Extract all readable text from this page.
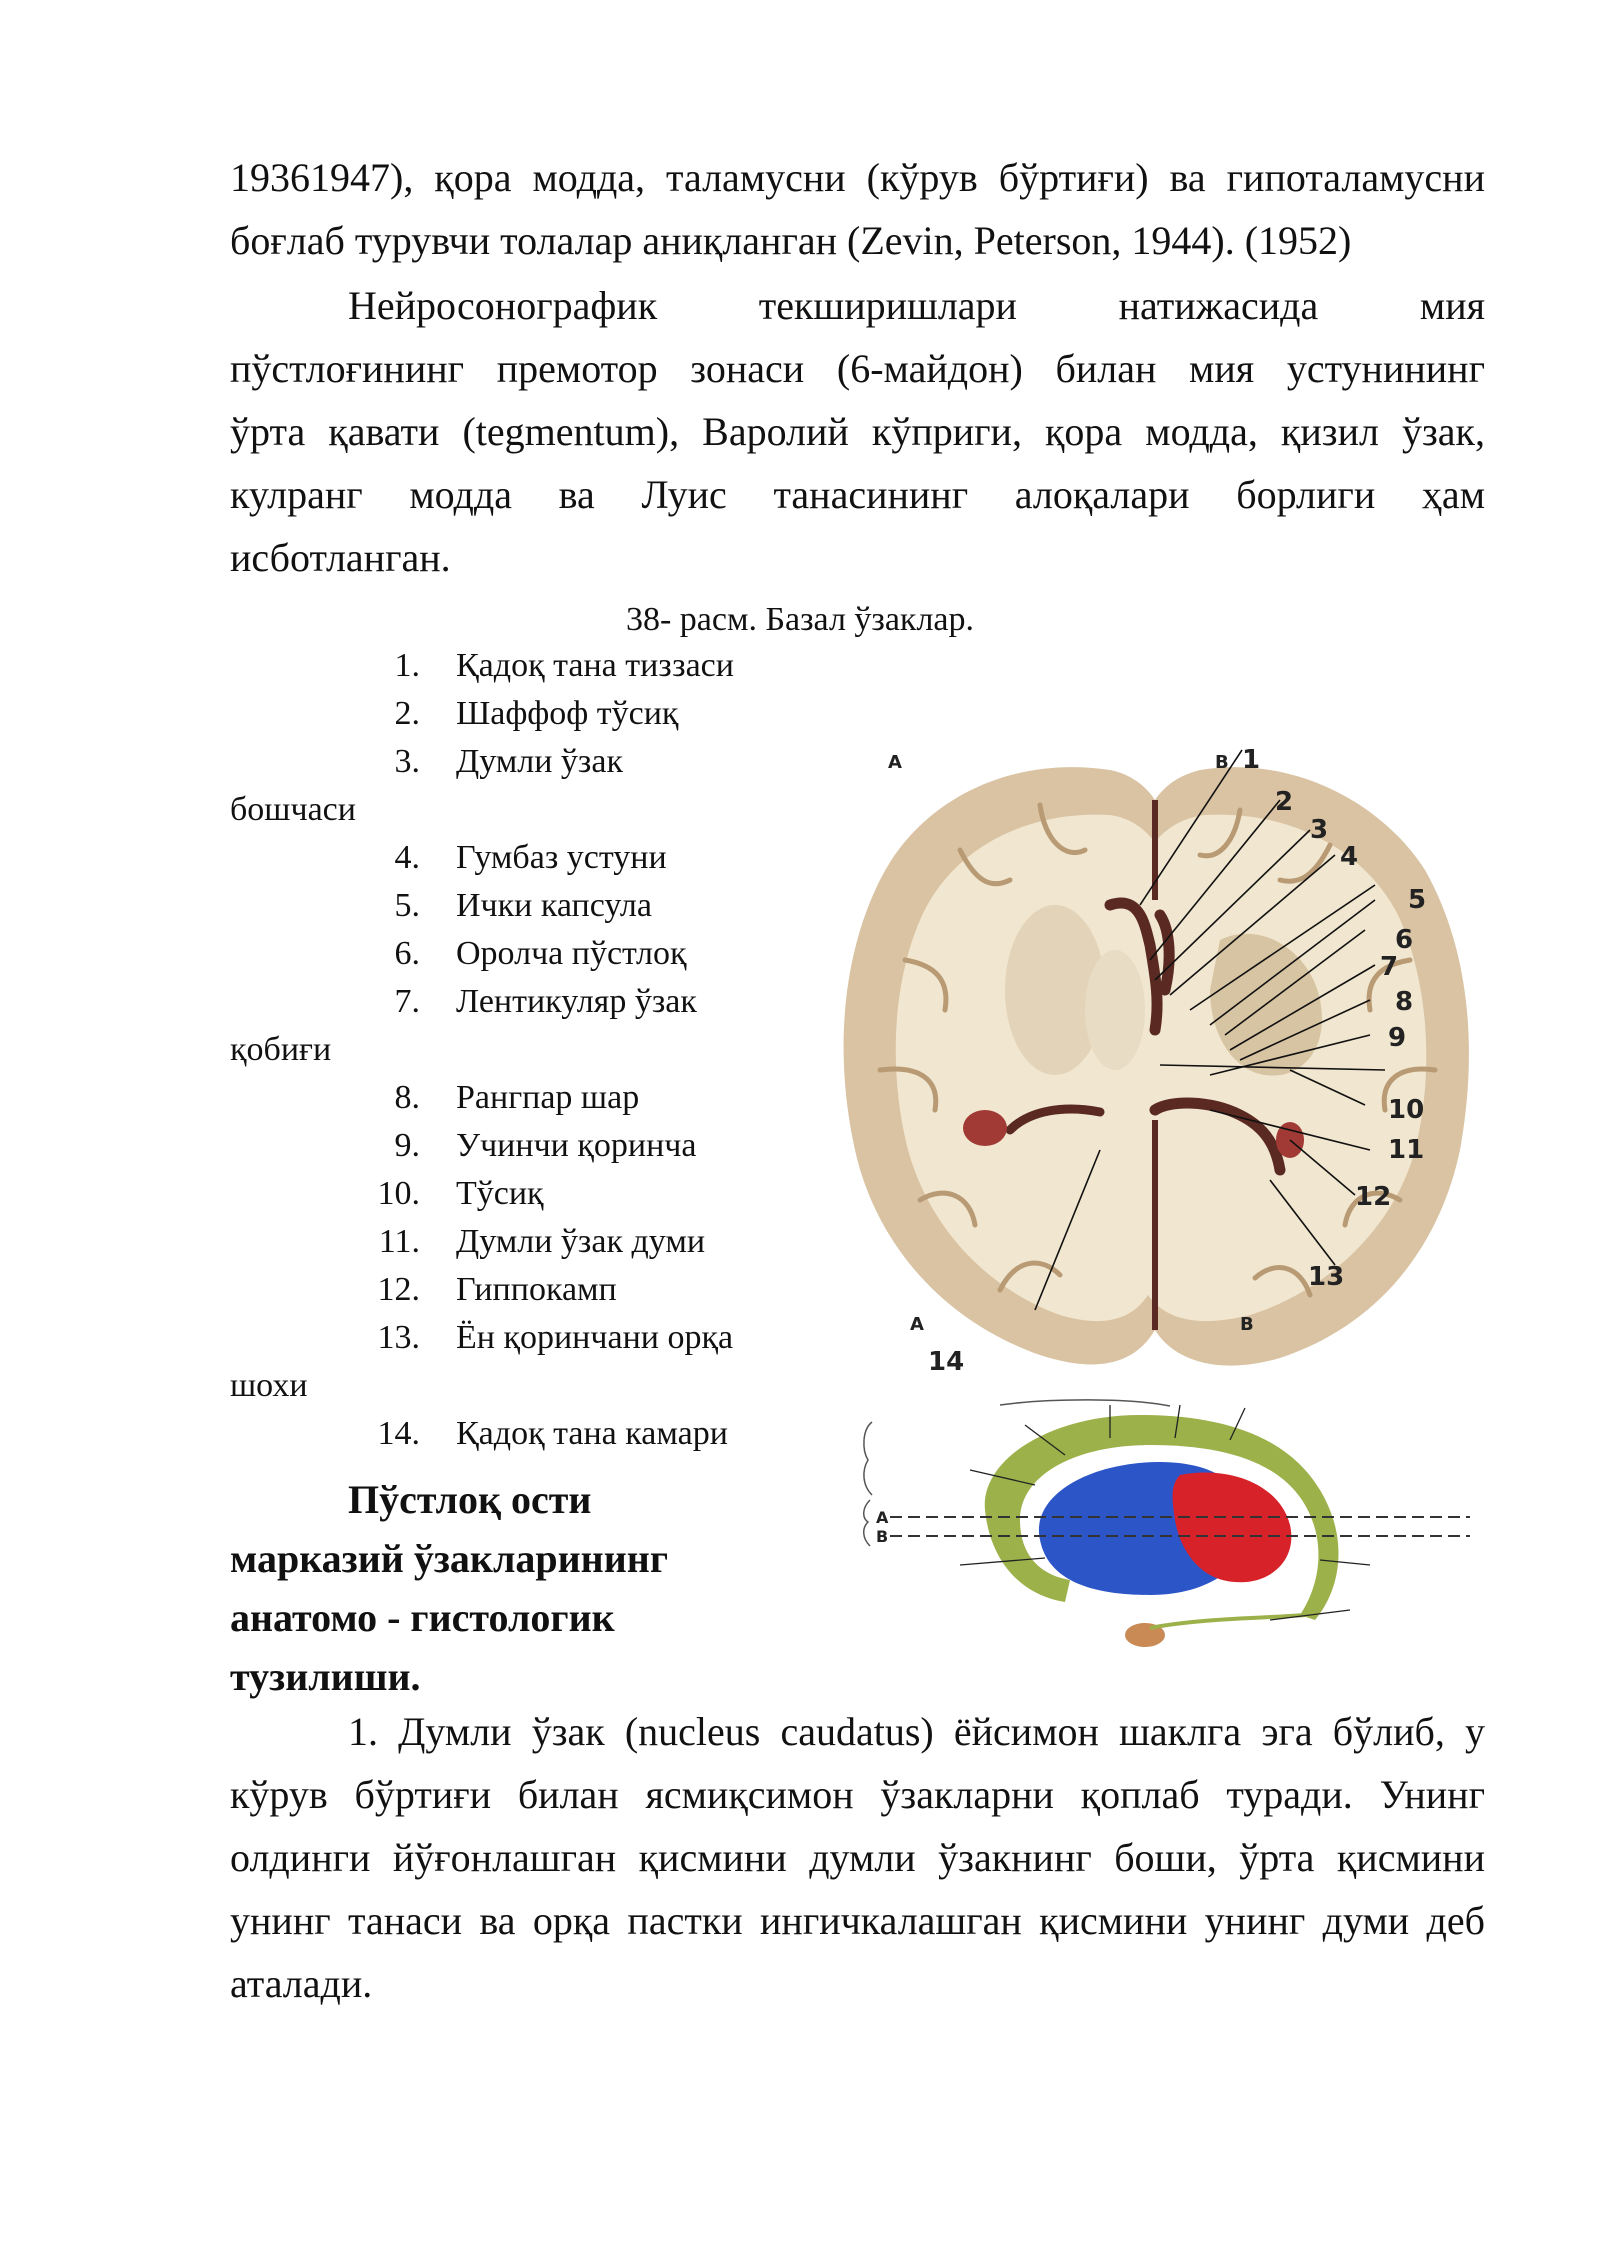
19361947), қора модда, таламусни (кўрув бўртиғи) ва гипоталамусни
боғлаб турувчи толалар аниқланган (Zevin, Peterson, 1944). (1952)
Нейросонографик текширишлари натижасида мия
пўстлоғининг премотор зонаси (6-майдон) билан мия устунининг
ўрта қавати (tegmentum), Варолий кўприги, қора модда, қизил ўзак,
кулранг модда ва Луис танасининг алоқалари борлиги ҳам
исботланган.
38- расм. Базал ўзаклар.
1. Қадоқ тана тиззаси
2. Шаффоф тўсиқ
3. Думли ўзак
бошчаси
4. Гумбаз устуни
5. Ички капсула
6. Оролча пўстлоқ
7. Лентикуляр ўзак
қобиғи
8. Рангпар шар
9. Учинчи қоринча
10. Тўсиқ
11. Думли ўзак думи
12. Гиппокамп
13. Ён қоринчани орқа
шохи
14. Қадоқ тана камари
A	B
A	B
1
2
3
4
5
6
7
8
9
10
11
12
13
14
A
B
Пўстлоқ ости
марказий ўзакларининг
анатомо - гистологик
тузилиши.
1. Думли ўзак (nucleus caudatus) ёйсимон шаклга эга бўлиб, у
кўрув бўртиғи билан ясмиқсимон ўзакларни қоплаб туради. Унинг
олдинги йўғонлашган қисмини думли ўзакнинг боши, ўрта қисмини
унинг танаси ва орқа пастки ингичкалашган қисмини унинг думи деб
аталади.
